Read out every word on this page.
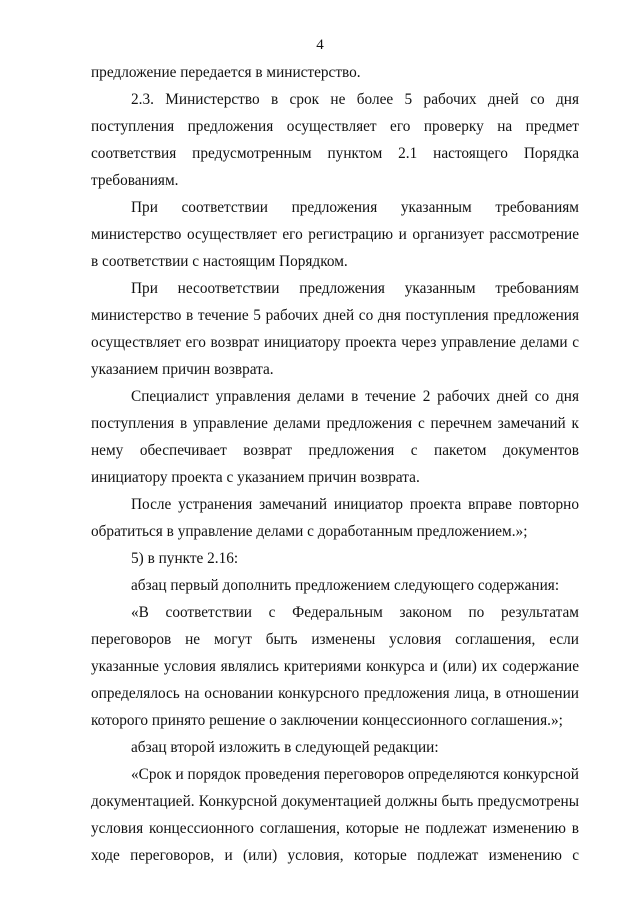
4

предложение передается в министерство.

2.3. Министерство в срок не более 5 рабочих дней со дня поступления предложения осуществляет его проверку на предмет соответствия предусмотренным пунктом 2.1 настоящего Порядка требованиям.

При соответствии предложения указанным требованиям министерство осуществляет его регистрацию и организует рассмотрение в соответствии с настоящим Порядком.

При несоответствии предложения указанным требованиям министерство в течение 5 рабочих дней со дня поступления предложения осуществляет его возврат инициатору проекта через управление делами с указанием причин возврата.

Специалист управления делами в течение 2 рабочих дней со дня поступления в управление делами предложения с перечнем замечаний к нему обеспечивает возврат предложения с пакетом документов инициатору проекта с указанием причин возврата.

После устранения замечаний инициатор проекта вправе повторно обратиться в управление делами с доработанным предложением.»;

5) в пункте 2.16:

абзац первый дополнить предложением следующего содержания:

«В соответствии с Федеральным законом по результатам переговоров не могут быть изменены условия соглашения, если указанные условия являлись критериями конкурса и (или) их содержание определялось на основании конкурсного предложения лица, в отношении которого принято решение о заключении концессионного соглашения.»;

абзац второй изложить в следующей редакции:

«Срок и порядок проведения переговоров определяются конкурсной документацией. Конкурсной документацией должны быть предусмотрены условия концессионного соглашения, которые не подлежат изменению в ходе переговоров, и (или) условия, которые подлежат изменению с
